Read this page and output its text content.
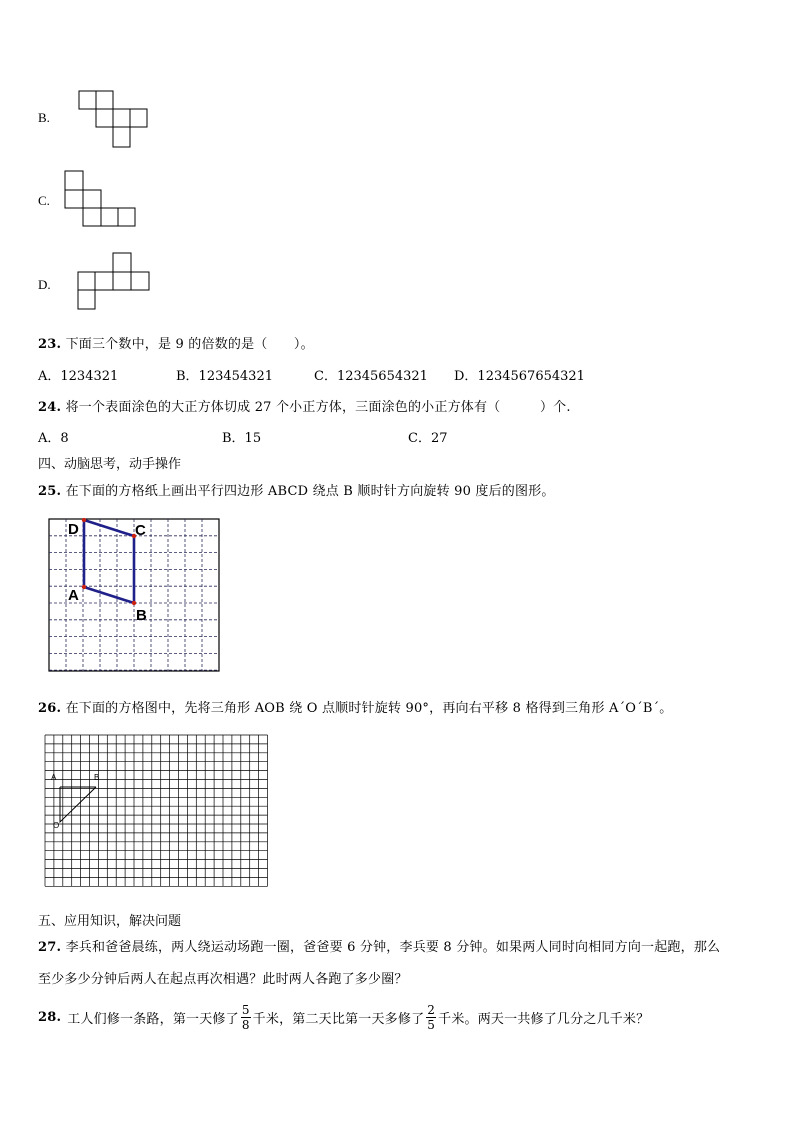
B.
C.
D.
23. 下面三个数中，是 9 的倍数的是（　　）。
A．1234321	B．123454321	C．12345654321 D．1234567654321
24. 将一个表面涂色的大正方体切成 27 个小正方体，三面涂色的小正方体有（　　　）个.
A．8	B．15	C．27
四、动脑思考，动手操作
25. 在下面的方格纸上画出平行四边形 ABCD 绕点 B 顺时针方向旋转 90 度后的图形。
D	C
A
B
26. 在下面的方格图中，先将三角形 AOB 绕 O 点顺时针旋转 90°，再向右平移 8 格得到三角形 A´O´B´。
A	B
O
五、应用知识，解决问题
27. 李兵和爸爸晨练，两人绕运动场跑一圈，爸爸要 6 分钟，李兵要 8 分钟。如果两人同时向相同方向一起跑，那么
至少多少分钟后两人在起点再次相遇？此时两人各跑了多少圈？
28. 工人们修一条路，第一天修了 $\frac{5}{8}$ 千米，第二天比第一天多修了 $\frac{2}{5}$ 千米。两天一共修了几分之几千米？
